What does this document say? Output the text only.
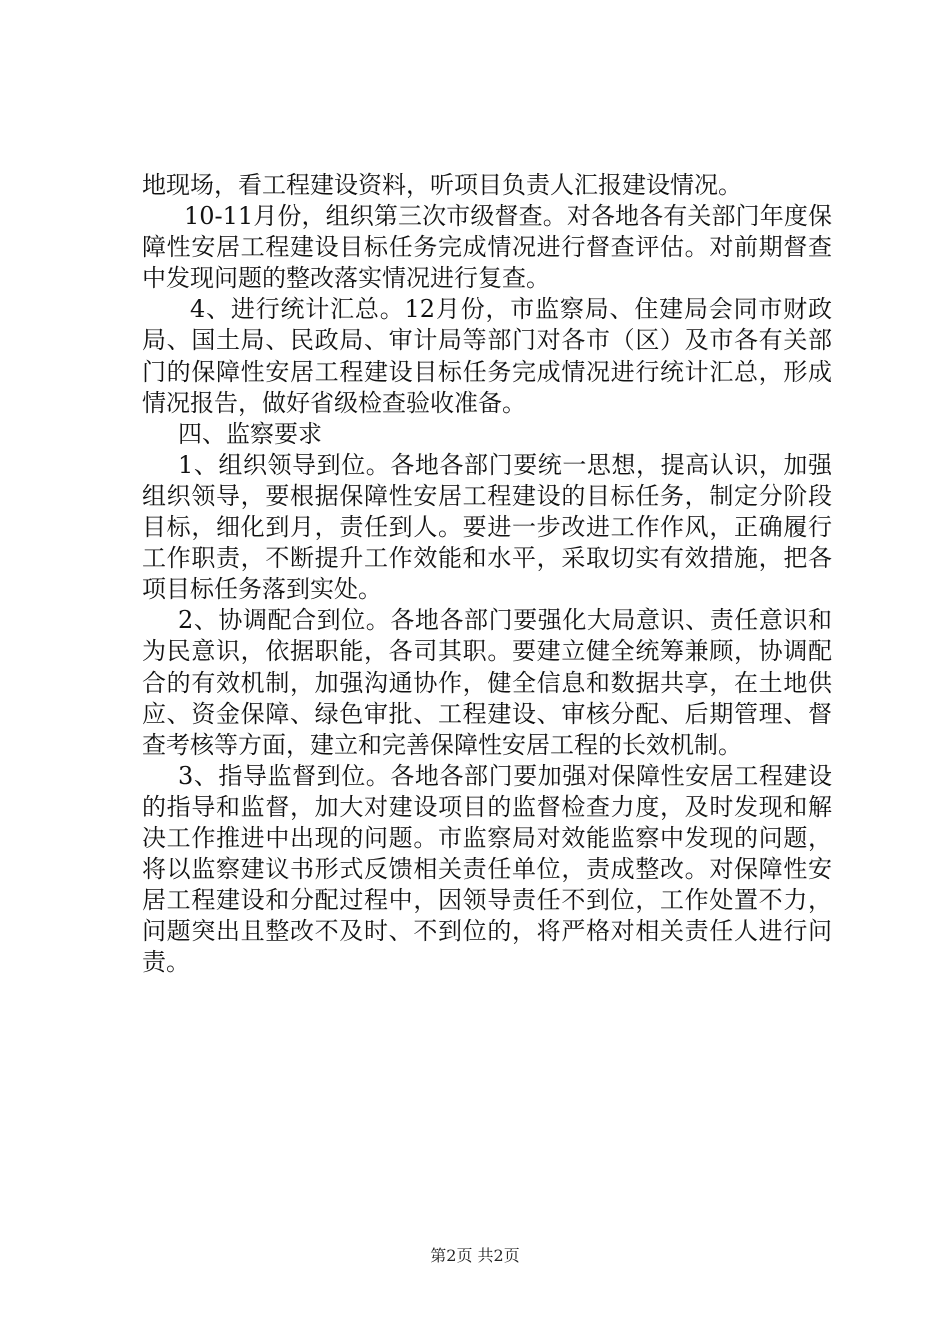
地现场，看工程建设资料，听项目负责人汇报建设情况。

10-11月份，组织第三次市级督查。对各地各有关部门年度保障性安居工程建设目标任务完成情况进行督查评估。对前期督查中发现问题的整改落实情况进行复查。

4、进行统计汇总。12月份，市监察局、住建局会同市财政局、国土局、民政局、审计局等部门对各市（区）及市各有关部门的保障性安居工程建设目标任务完成情况进行统计汇总，形成情况报告，做好省级检查验收准备。

四、监察要求

1、组织领导到位。各地各部门要统一思想，提高认识，加强组织领导，要根据保障性安居工程建设的目标任务，制定分阶段目标，细化到月，责任到人。要进一步改进工作作风，正确履行工作职责，不断提升工作效能和水平，采取切实有效措施，把各项目标任务落到实处。

2、协调配合到位。各地各部门要强化大局意识、责任意识和为民意识，依据职能，各司其职。要建立健全统筹兼顾，协调配合的有效机制，加强沟通协作，健全信息和数据共享，在土地供应、资金保障、绿色审批、工程建设、审核分配、后期管理、督查考核等方面，建立和完善保障性安居工程的长效机制。

3、指导监督到位。各地各部门要加强对保障性安居工程建设的指导和监督，加大对建设项目的监督检查力度，及时发现和解决工作推进中出现的问题。市监察局对效能监察中发现的问题，将以监察建议书形式反馈相关责任单位，责成整改。对保障性安居工程建设和分配过程中，因领导责任不到位，工作处置不力，问题突出且整改不及时、不到位的，将严格对相关责任人进行问责。

第2页 共2页
